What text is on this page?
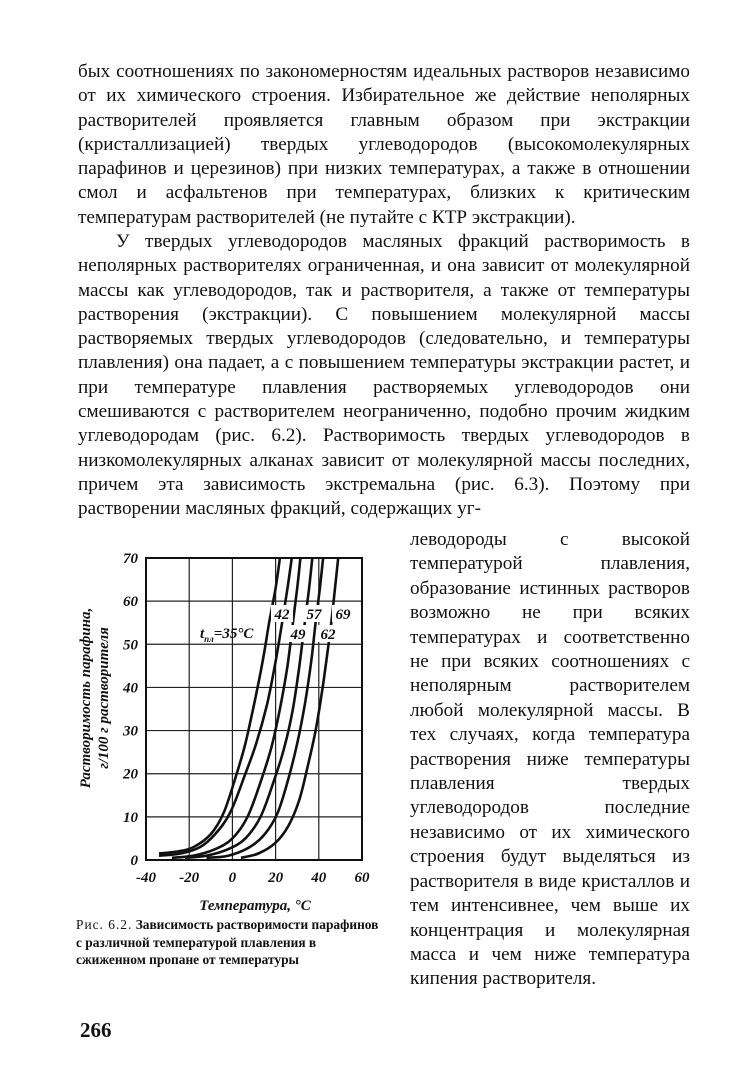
бых соотношениях по закономерностям идеальных растворов независимо от их химического строения. Избирательное же действие неполярных растворителей проявляется главным образом при экстракции (кристаллизацией) твердых углеводородов (высокомолекулярных парафинов и церезинов) при низких температурах, а также в отношении смол и асфальтенов при температурах, близких к критическим температурам растворителей (не путайте с КТР экстракции).

У твердых углеводородов масляных фракций растворимость в неполярных растворителях ограниченная, и она зависит от молекулярной массы как углеводородов, так и растворителя, а также от температуры растворения (экстракции). С повышением молекулярной массы растворяемых твердых углеводородов (следовательно, и температуры плавления) она падает, а с повышением температуры экстракции растет, и при температуре плавления растворяемых углеводородов они смешиваются с растворителем неограниченно, подобно прочим жидким углеводородам (рис. 6.2). Растворимость твердых углеводородов в низкомолекулярных алканах зависит от молекулярной массы последних, причем эта зависимость экстремальна (рис. 6.3). Поэтому при растворении масляных фракций, содержащих уг-

0
10
20
30
40
50
60
70
-40 -20 0 20 40 60
Растворимость парафина, г/100 г растворителя
Температура, °C
$t_{пл}=35^\circ C$
42 57 69
49 62

леводороды с высокой температурой плавления, образование истинных растворов возможно не при всяких температурах и соответственно не при всяких соотношениях с неполярным растворителем любой молекулярной массы. В тех случаях, когда температура растворения ниже температуры плавления твердых углеводородов последние независимо от их химического строения будут выделяться из растворителя в виде кристаллов и тем интенсивнее, чем выше их концентрация и молекулярная масса и чем ниже температура кипения растворителя.

Рис. 6.2. Зависимость растворимости парафинов с различной температурой плавления в сжиженном пропане от температуры

266
